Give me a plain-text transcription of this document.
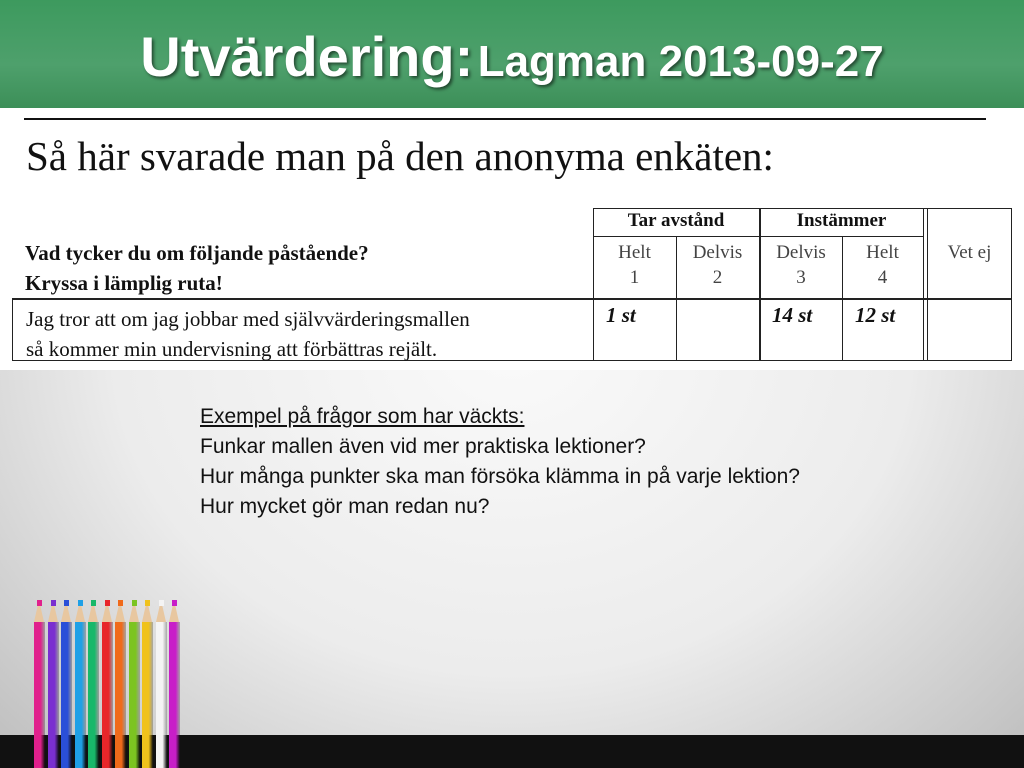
Utvärdering: Lagman 2013-09-27
Så här svarade man på den anonyma enkäten:
Vad tycker du om följande påstående?
Kryssa i lämplig ruta!
Tar avstånd	Instämmer
Helt
1
Delvis
2
Delvis
3
Helt
4
Vet ej
Jag tror att om jag jobbar med självvärderingsmallen
så kommer min undervisning att förbättras rejält.
1 st	14 st 12 st
Exempel på frågor som har väckts:
Funkar mallen även vid mer praktiska lektioner?
Hur många punkter ska man försöka klämma in på varje lektion?
Hur mycket gör man redan nu?
